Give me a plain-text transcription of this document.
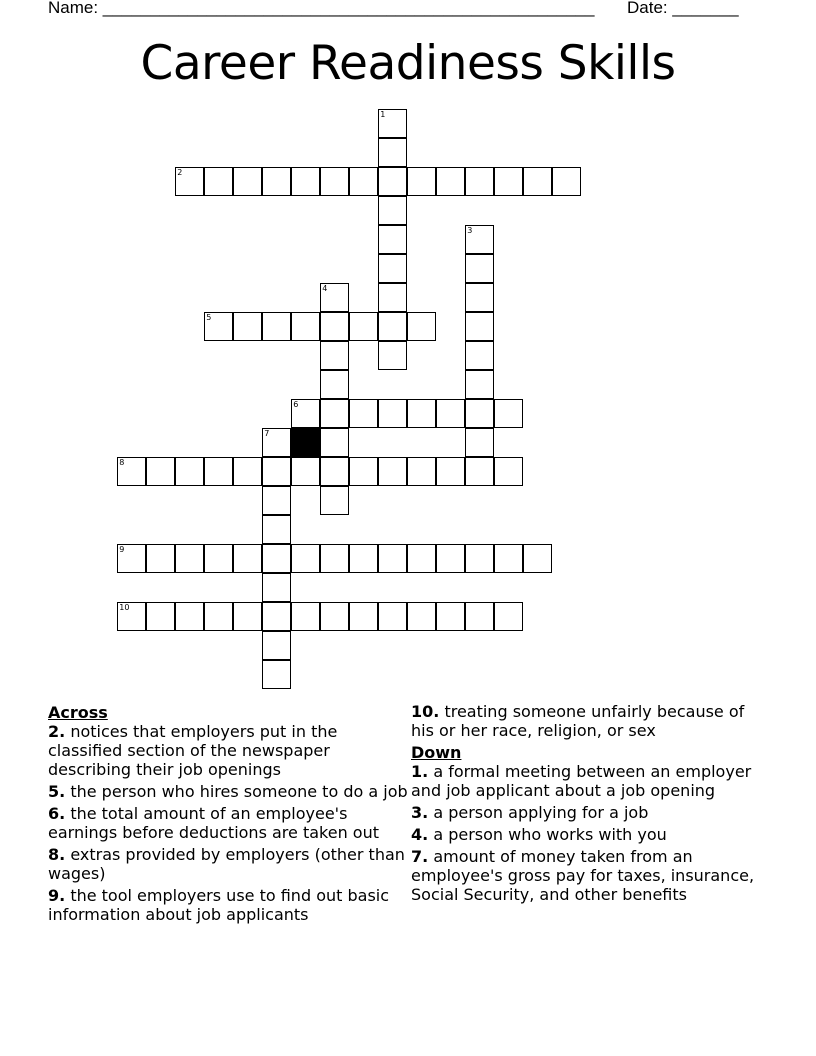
Name: ____________________________________________________ Date: _______
Career Readiness Skills
1
2
3
4
5
6
7
8
9
10
Across
2. notices that employers put in the classified section of the newspaper describing their job openings
5. the person who hires someone to do a job
6. the total amount of an employee's earnings before deductions are taken out
8. extras provided by employers (other than wages)
9. the tool employers use to find out basic information about job applicants
10. treating someone unfairly because of his or her race, religion, or sex
Down
1. a formal meeting between an employer and job applicant about a job opening
3. a person applying for a job
4. a person who works with you
7. amount of money taken from an employee's gross pay for taxes, insurance, Social Security, and other benefits
